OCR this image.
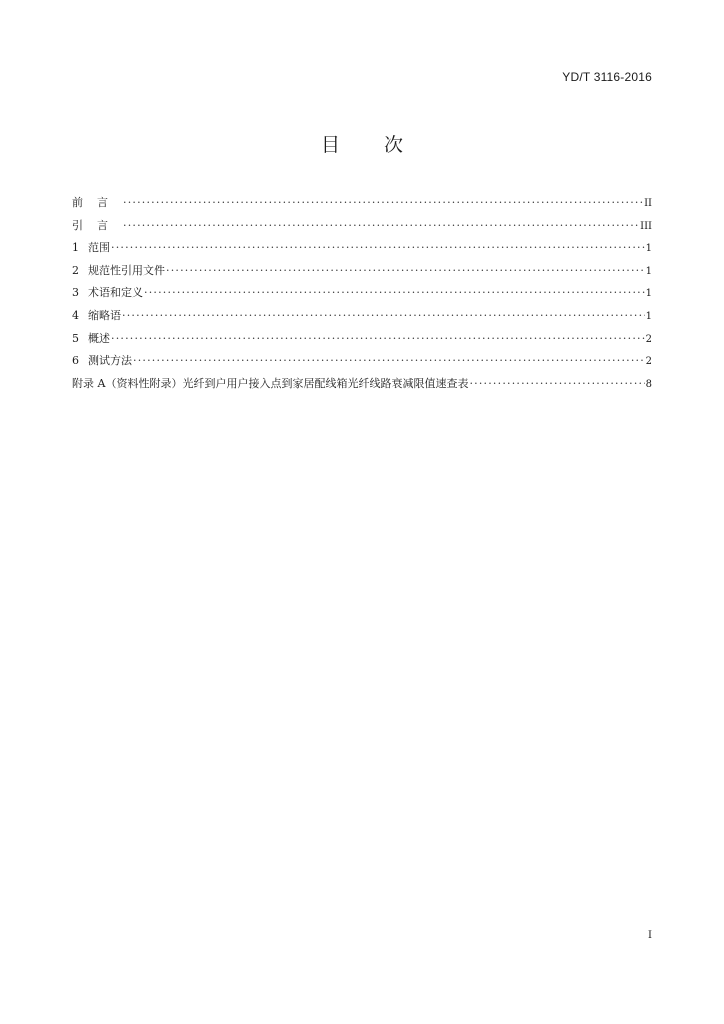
YD/T 3116-2016
目 次
前言 ·····	II
引言 ·····	III
1 范围 ·····	1
2 规范性引用文件 ·····	1
3 术语和定义 ·····	1
4 缩略语 ·····	1
5 概述 ·····	2
6 测试方法 ·····	2
附录 A（资料性附录）光纤到户用户接入点到家居配线箱光纤线路衰减限值速查表 ·····	8
I
